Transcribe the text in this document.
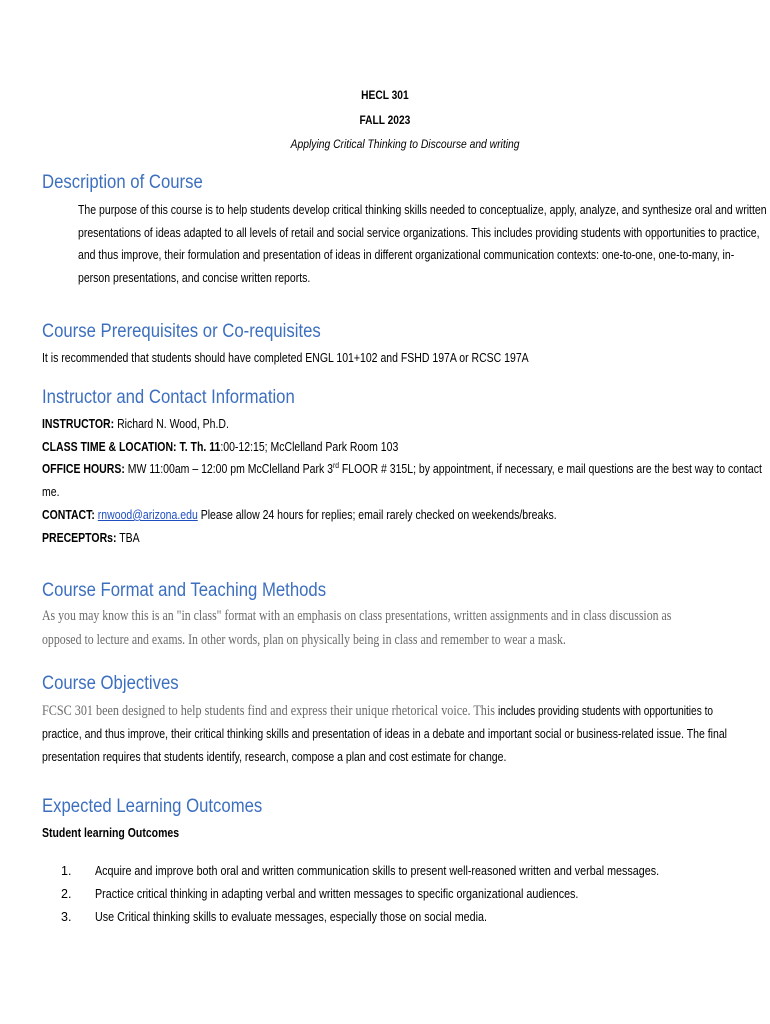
HECL 301
FALL 2023
Applying Critical Thinking to Discourse and writing
Description of Course
The purpose of this course is to help students develop critical thinking skills needed to conceptualize, apply, analyze, and synthesize oral and written
presentations of ideas adapted to all levels of retail and social service organizations. This includes providing students with opportunities to practice,
and thus improve, their formulation and presentation of ideas in different organizational communication contexts: one-to-one, one-to-many, in-
person presentations, and concise written reports.
Course Prerequisites or Co-requisites
It is recommended that students should have completed ENGL 101+102 and FSHD 197A or RCSC 197A
Instructor and Contact Information
INSTRUCTOR: Richard N. Wood, Ph.D.
CLASS TIME & LOCATION: T. Th. 11:00-12:15; McClelland Park Room 103
OFFICE HOURS: MW 11:00am – 12:00 pm McClelland Park 3rd FLOOR # 315L; by appointment, if necessary, e mail questions are the best way to contact
me.
CONTACT: rnwood@arizona.edu Please allow 24 hours for replies; email rarely checked on weekends/breaks.
PRECEPTORs: TBA
Course Format and Teaching Methods
As you may know this is an "in class" format with an emphasis on class presentations, written assignments and in class discussion as
opposed to lecture and exams. In other words, plan on physically being in class and remember to wear a mask.
Course Objectives
FCSC 301 been designed to help students find and express their unique rhetorical voice. This includes providing students with opportunities to
practice, and thus improve, their critical thinking skills and presentation of ideas in a debate and important social or business-related issue. The final
presentation requires that students identify, research, compose a plan and cost estimate for change.
Expected Learning Outcomes
Student learning Outcomes
1. Acquire and improve both oral and written communication skills to present well-reasoned written and verbal messages.
2. Practice critical thinking in adapting verbal and written messages to specific organizational audiences.
3. Use Critical thinking skills to evaluate messages, especially those on social media.
